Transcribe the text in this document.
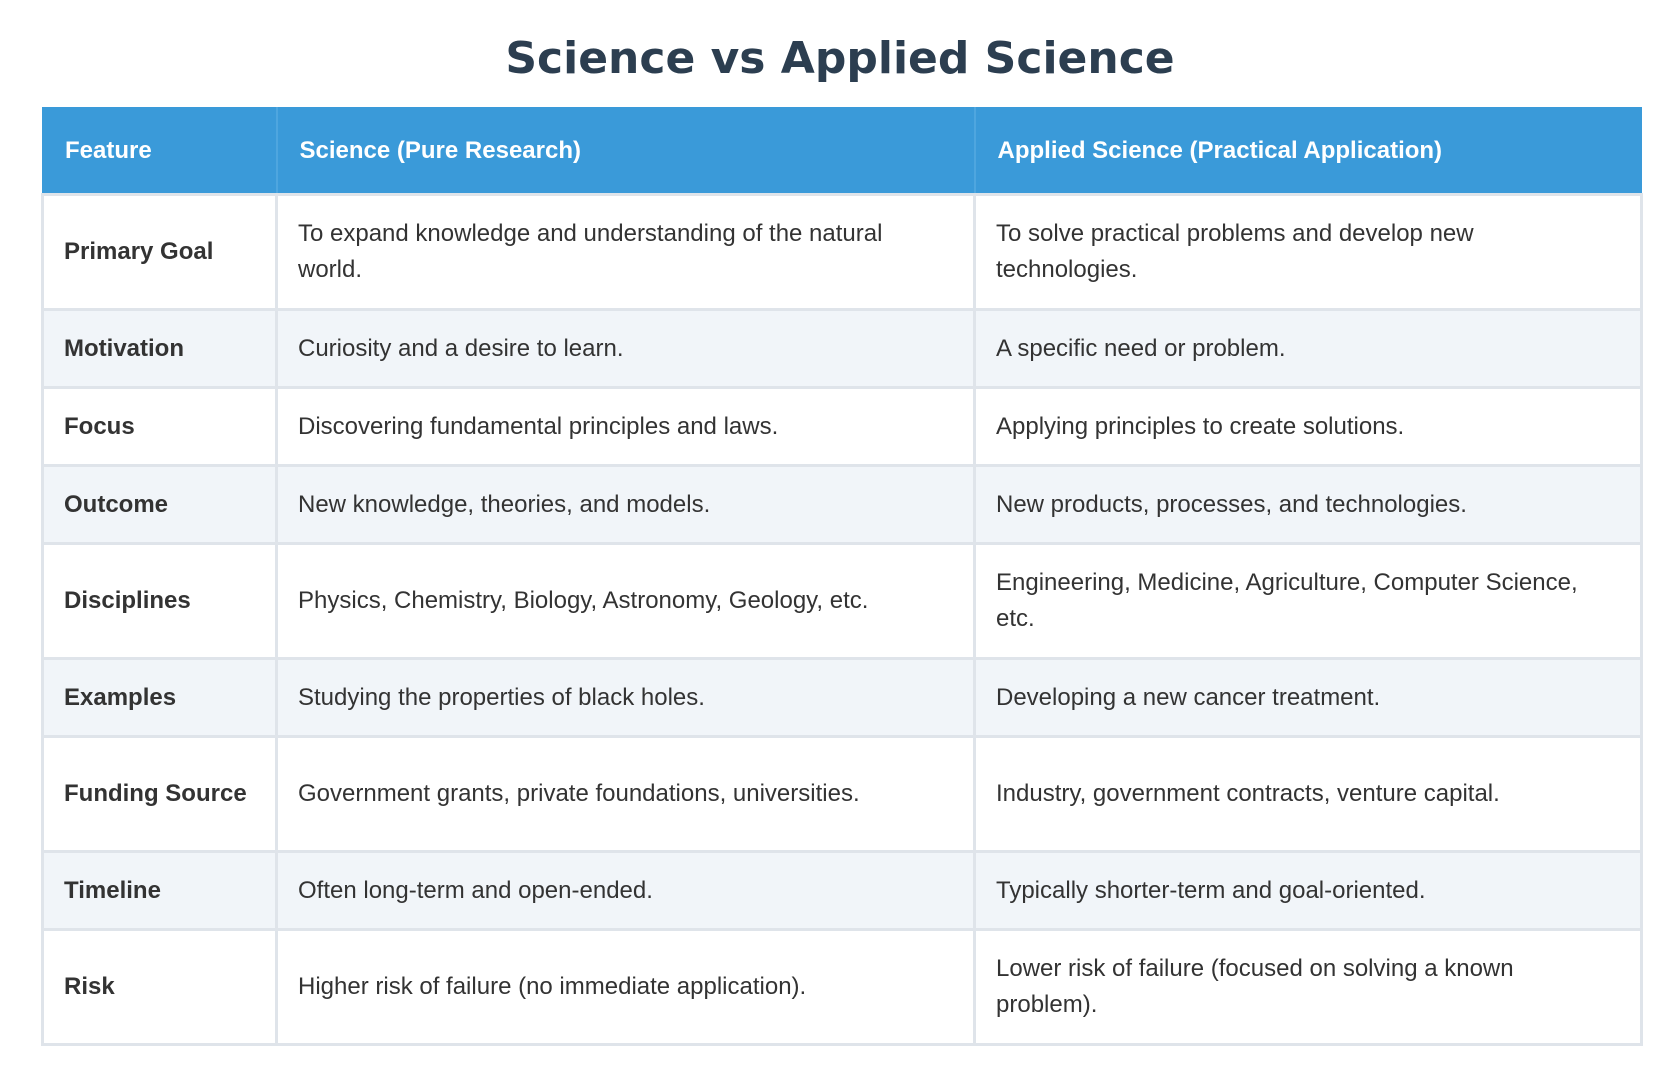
Science vs Applied Science
Feature	Science (Pure Research)	Applied Science (Practical Application)
Primary Goal	To expand knowledge and understanding of the natural world.	To solve practical problems and develop new technologies.
Motivation	Curiosity and a desire to learn.	A specific need or problem.
Focus	Discovering fundamental principles and laws.	Applying principles to create solutions.
Outcome	New knowledge, theories, and models.	New products, processes, and technologies.
Disciplines	Physics, Chemistry, Biology, Astronomy, Geology, etc.	Engineering, Medicine, Agriculture, Computer Science, etc.
Examples	Studying the properties of black holes.	Developing a new cancer treatment.
Funding Source	Government grants, private foundations, universities.	Industry, government contracts, venture capital.
Timeline	Often long-term and open-ended.	Typically shorter-term and goal-oriented.
Risk	Higher risk of failure (no immediate application).	Lower risk of failure (focused on solving a known problem).
